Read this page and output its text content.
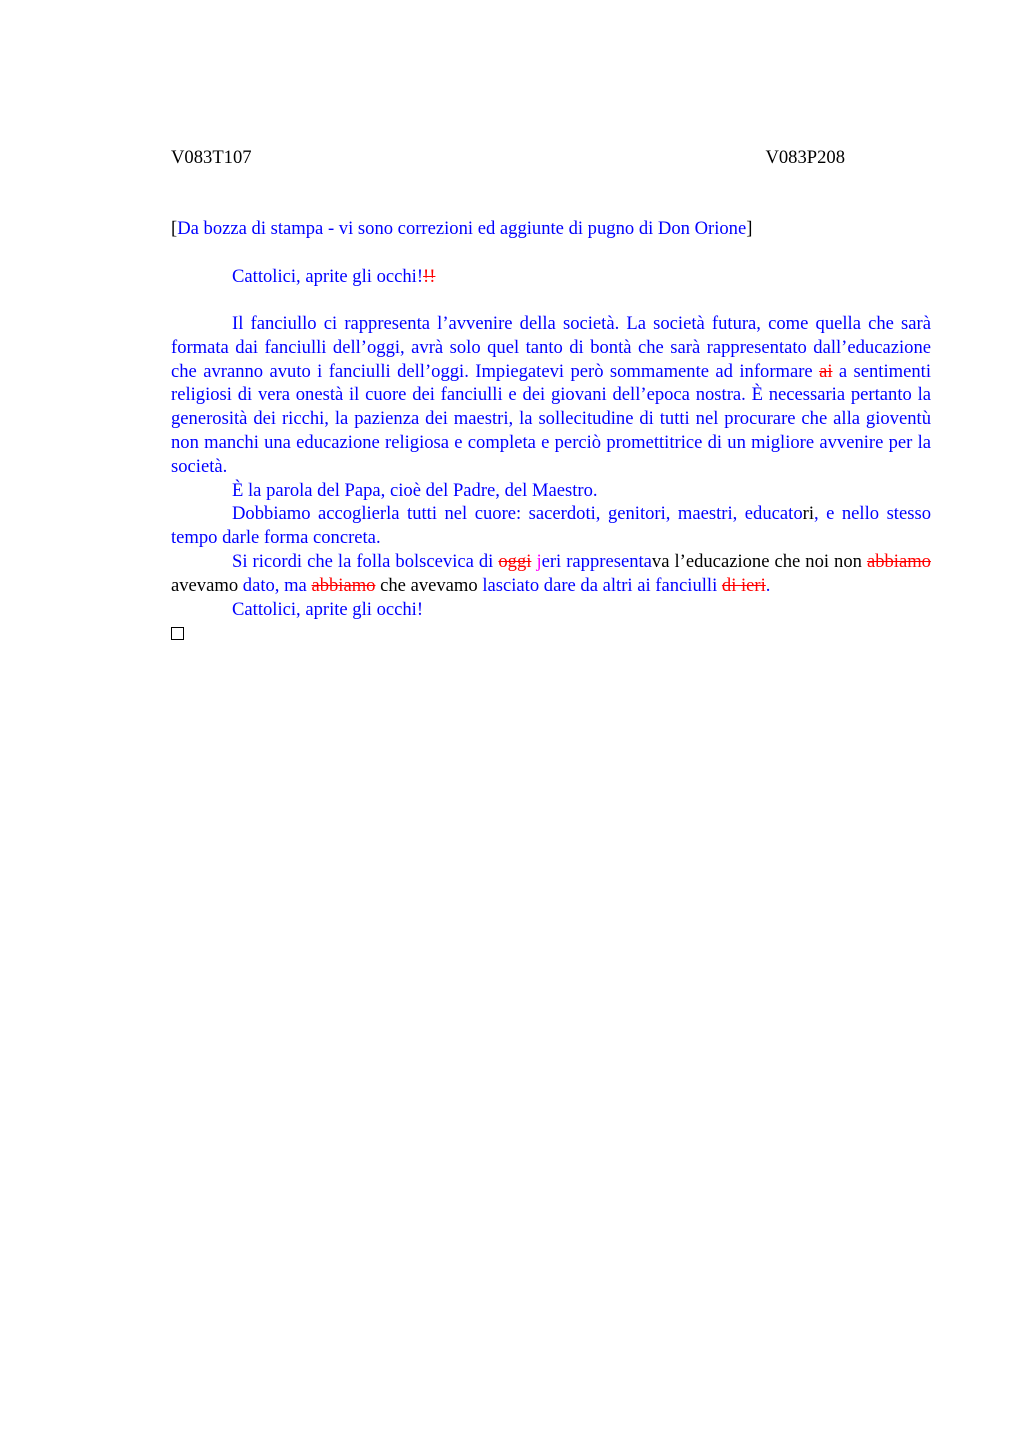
V083T107	V083P208
[Da bozza di stampa - vi sono correzioni ed aggiunte di pugno di Don Orione]
Cattolici, aprite gli occhi!!!

Il fanciullo ci rappresenta l’avvenire della società. La società futura, come quella che sarà formata dai fanciulli dell’oggi, avrà solo quel tanto di bontà che sarà rappresentato dall’educazione che avranno avuto i fanciulli dell’oggi. Impiegatevi però sommamente ad informare ai a sentimenti religiosi di vera onestà il cuore dei fanciulli e dei giovani dell’epoca nostra. È necessaria pertanto la generosità dei ricchi, la pazienza dei maestri, la sollecitudine di tutti nel procurare che alla gioventù non manchi una educazione religiosa e completa e perciò promettitrice di un migliore avvenire per la società.

È la parola del Papa, cioè del Padre, del Maestro.

Dobbiamo accoglierla tutti nel cuore: sacerdoti, genitori, maestri, educatori, e nello stesso tempo darle forma concreta.

Si ricordi che la folla bolscevica di oggi jeri rappresentava l’educazione che noi non abbiamo avevamo dato, ma abbiamo che avevamo lasciato dare da altri ai fanciulli di ieri.

Cattolici, aprite gli occhi!
